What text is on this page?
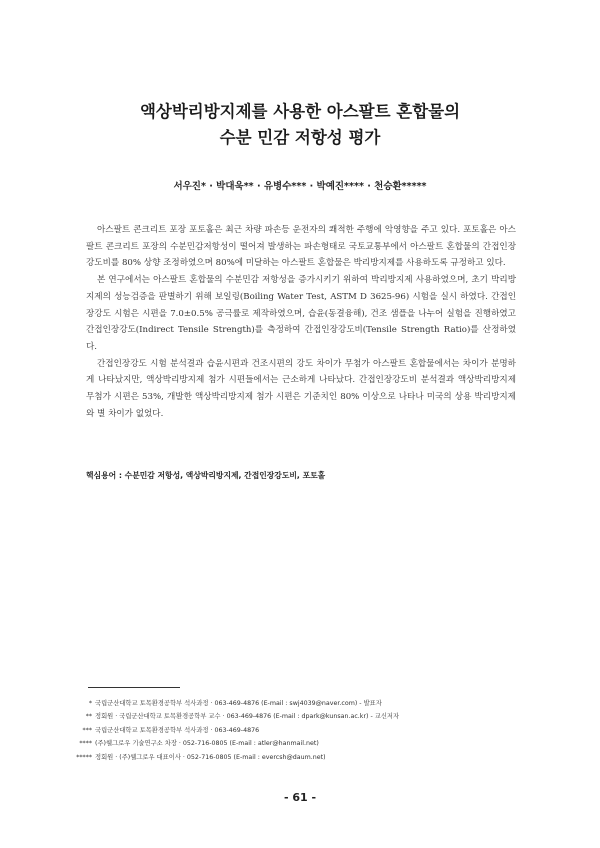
액상박리방지제를 사용한 아스팔트 혼합물의
수분 민감 저항성 평가
서우진* · 박대욱** · 유병수*** · 박예진**** · 천승환*****

아스팔트 콘크리트 포장 포토홀은 최근 차량 파손등 운전자의 쾌적한 주행에 악영향을 주고 있다. 포토홀은 아스팔트 콘크리트 포장의 수분민감저항성이 떨어져 발생하는 파손형태로 국토교통부에서 아스팔트 혼합물의 간접인장강도비를 80% 상향 조정하였으며 80%에 미달하는 아스팔트 혼합물은 박리방지제를 사용하도록 규정하고 있다.

본 연구에서는 아스팔트 혼합물의 수분민감 저항성을 증가시키기 위하여 박리방지제 사용하였으며, 초기 박리방지제의 성능검증을 판별하기 위해 보일링(Boiling Water Test, ASTM D 3625-96) 시험을 실시 하였다. 간접인장강도 시험은 시편을 7.0±0.5% 공극률로 제작하였으며, 습윤(동결융해), 건조 샘플을 나누어 실험을 진행하였고 간접인장강도(Indirect Tensile Strength)를 측정하여 간접인장강도비(Tensile Strength Ratio)를 산정하였다.

간접인장강도 시험 분석결과 습윤시편과 건조시편의 강도 차이가 무첨가 아스팔트 혼합물에서는 차이가 분명하게 나타났지만, 액상박리방지제 첨가 시편들에서는 근소하게 나타났다. 간접인장강도비 분석결과 액상박리방지제 무첨가 시편은 53%, 개발한 액상박리방지제 첨가 시편은 기준치인 80% 이상으로 나타나 미국의 상용 박리방지제와 별 차이가 없었다.

핵심용어 : 수분민감 저항성, 액상박리방지제, 간접인장강도비, 포토홀
* 국립군산대학교 토목환경공학부 석사과정 · 063-469-4876 (E-mail : swj4039@naver.com) - 발표자
** 정회원 · 국립군산대학교 토목환경공학부 교수 · 063-469-4876 (E-mail : dpark@kunsan.ac.kr) - 교신저자
*** 국립군산대학교 토목환경공학부 석사과정 · 063-469-4876
**** (주)웰그로우 기술연구소 차장 · 052-716-0805 (E-mail : atler@hanmail.net)
***** 정회원 · (주)웰그로우 대표이사 · 052-716-0805 (E-mail : evercsh@daum.net)
- 61 -
